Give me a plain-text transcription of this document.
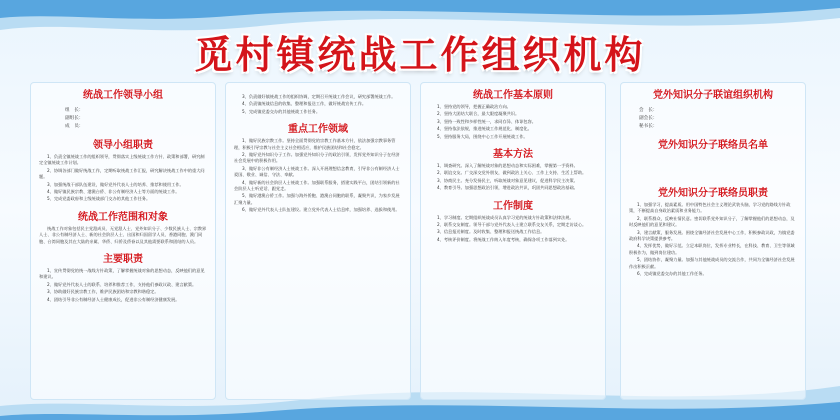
觅村镇统战工作组织机构
统战工作领导小组
组　长：
副组长：
成　员：
领导小组职责
1、负责全镇统战工作的组织领导，贯彻落实上级统战工作方针、政策和部署，研究制定全镇统战工作计划。
2、协调各部门做好统战工作，定期听取统战工作汇报，研究解决统战工作中的重大问题。
3、加强统战干部队伍建设，做好党外代表人士的培养、推荐和使用工作。
4、做好镇民族宗教、港澳台侨、非公有制经济人士等方面的统战工作。
5、完成党委政府和上级统战部门交办的其他工作任务。
统战工作范围和对象
统战工作对象包括民主党派成员、无党派人士、党外知识分子、少数民族人士、宗教界人士、非公有制经济人士、新的社会阶层人士、出国和归国留学人员、香港同胞、澳门同胞、台湾同胞及其在大陆的亲属、华侨、归侨及侨眷以及其他需要联系和团结的人员。
主要职责
1、宣传贯彻党的统一战线方针政策，了解掌握统战对象的思想动态，反映他们的意见和建议。
2、做好党外代表人士的联系、培养和推荐工作，支持他们参政议政、建言献策。
3、协助做好民族宗教工作，维护民族团结和宗教和谐稳定。
4、团结引导非公有制经济人士健康成长，促进非公有制经济健康发展。
3、负责做好镇统战工作的组织协调，定期召开统战工作会议，研究部署统战工作。
4、负责镇统战信息的收集、整理和报送工作，做好统战宣传工作。
5、完成镇党委交办的其他统战工作任务。
重点工作领域
1、做好民族宗教工作。坚持全面贯彻党的宗教工作基本方针，依法加强宗教事务管理，积极引导宗教与社会主义社会相适应，维护民族团结和社会稳定。
2、做好党外知识分子工作。加强党外知识分子的政治引领，发挥党外知识分子在经济社会发展中的积极作用。
3、做好非公有制经济人士统战工作。深入开展理想信念教育，引导非公有制经济人士爱国、敬业、诚信、守法、奉献。
4、做好新的社会阶层人士统战工作。加强联系服务，搭建实践平台，团结引领新的社会阶层人士听党话、跟党走。
5、做好港澳台侨工作。加强与海外侨胞、港澳台同胞的联系，凝聚共识，为家乡发展汇聚力量。
6、做好党外代表人士队伍建设。建立党外代表人士信息库，加强培养、选拔和使用。
统战工作基本原则
1、坚持党的领导，把握正确政治方向。
2、坚持大团结大联合，最大限度凝聚共识。
3、坚持一致性和多样性统一，求同存异、体谅包容。
4、坚持依法依规，推进统战工作规范化、制度化。
5、坚持服务大局，围绕中心工作开展统战工作。
基本方法
1、调查研究。深入了解统战对象的思想动态和实际困难，掌握第一手资料。
2、联谊交友。广交深交党外朋友，做到政治上关心、工作上支持、生活上帮助。
3、协商民主。充分发扬民主，听取统战对象意见建议，促进科学民主决策。
4、教育引导。加强思想政治引领，增进政治共识，巩固共同思想政治基础。
工作制度
1、学习制度。定期组织统战成员认真学习党的统战方针政策和法律法规。
2、联系交友制度。领导干部与党外代表人士建立联系交友关系，定期走访谈心。
3、信息报送制度。及时收集、整理和报送统战工作信息。
4、考核评价制度。将统战工作纳入年度考核，确保各项工作落到实处。
党外知识分子联谊组织机构
会　长：
副会长：
秘书长：
党外知识分子联络员名单
党外知识分子联络员职责
1、加强学习，提高素质。用中国特色社会主义理论武装头脑，学习党的路线方针政策，不断提高自身政治素质和业务能力。
2、联系群众，反映社情民意。密切联系党外知识分子，了解掌握他们的思想动态，及时反映他们的意见和建议。
3、建言献策，服务发展。围绕全镇经济社会发展中心工作，积极参政议政，为镇党委政府科学决策提供参考。
4、发挥优势，做好示范。立足本职岗位，发挥专业特长，在科技、教育、卫生等领域积极作为，做到岗位建功。
5、团结协作，凝聚力量。加强与其他统战成员的交流合作，共同为全镇经济社会发展作出积极贡献。
6、完成镇党委交办的其他工作任务。
